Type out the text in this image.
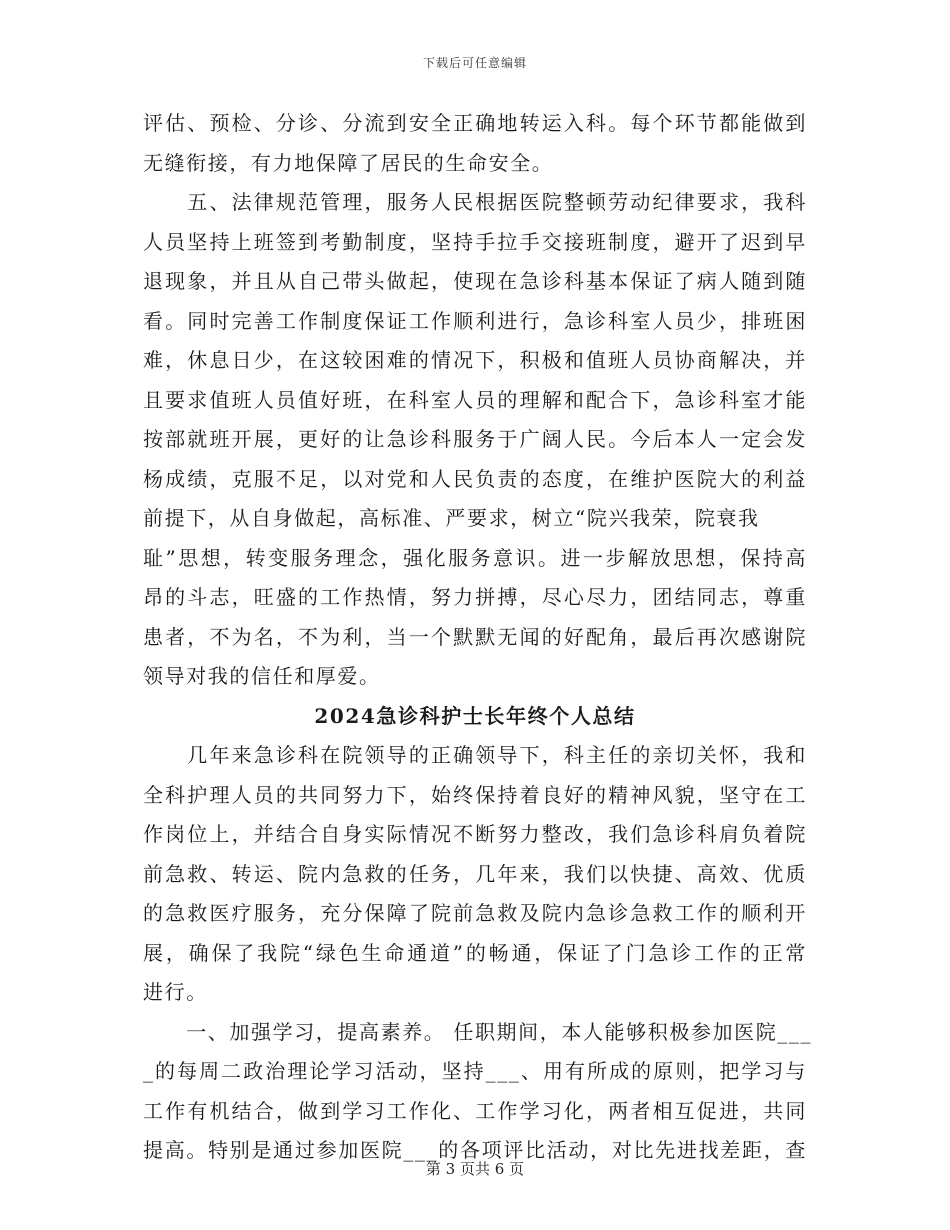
下载后可任意编辑
评估、预检、分诊、分流到安全正确地转运入科。每个环节都能做到
无缝衔接，有力地保障了居民的生命安全。
　　五、法律规范管理，服务人民根据医院整顿劳动纪律要求，我科
人员坚持上班签到考勤制度，坚持手拉手交接班制度，避开了迟到早
退现象，并且从自己带头做起，使现在急诊科基本保证了病人随到随
看。同时完善工作制度保证工作顺利进行，急诊科室人员少，排班困
难，休息日少，在这较困难的情况下，积极和值班人员协商解决，并
且要求值班人员值好班，在科室人员的理解和配合下，急诊科室才能
按部就班开展，更好的让急诊科服务于广阔人民。今后本人一定会发
杨成绩，克服不足，以对党和人民负责的态度，在维护医院大的利益
前提下，从自身做起，高标准、严要求，树立“院兴我荣，院衰我
耻”思想，转变服务理念，强化服务意识。进一步解放思想，保持高
昂的斗志，旺盛的工作热情，努力拼搏，尽心尽力，团结同志，尊重
患者，不为名，不为利，当一个默默无闻的好配角，最后再次感谢院
领导对我的信任和厚爱。
2024急诊科护士长年终个人总结
　　几年来急诊科在院领导的正确领导下，科主任的亲切关怀，我和
全科护理人员的共同努力下，始终保持着良好的精神风貌，坚守在工
作岗位上，并结合自身实际情况不断努力整改，我们急诊科肩负着院
前急救、转运、院内急救的任务，几年来，我们以快捷、高效、优质
的急救医疗服务，充分保障了院前急救及院内急诊急救工作的顺利开
展，确保了我院“绿色生命通道”的畅通，保证了门急诊工作的正常
进行。
　　一、加强学习，提高素养。 任职期间，本人能够积极参加医院___
_的每周二政治理论学习活动，坚持___、用有所成的原则，把学习与
工作有机结合，做到学习工作化、工作学习化，两者相互促进，共同
提高。特别是通过参加医院___的各项评比活动，对比先进找差距，查
第 3 页共 6 页
